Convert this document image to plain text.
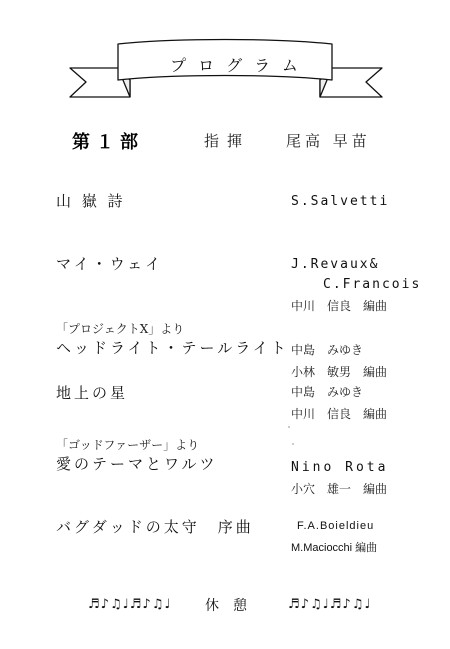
プログラム
第１部	指揮 尾高 早苗
山 嶽 詩	S.Salvetti
マイ・ウェイ	J.Revaux&
C.Francois
中川　信良　編曲
「プロジェクトX」より
ヘッドライト・テールライト 中島　みゆき
小林　敏男　編曲
地上の星	中島　みゆき
中川　信良　編曲
「ゴッドファーザー」より
愛のテーマとワルツ	Nino Rota
小穴　雄一　編曲
バグダッドの太守　序曲	F.A.Boieldieu
M.Maciocchi 編曲
♬♪♫♩♬♪♫♩ 休憩 ♬♪♫♩♬♪♫♩
